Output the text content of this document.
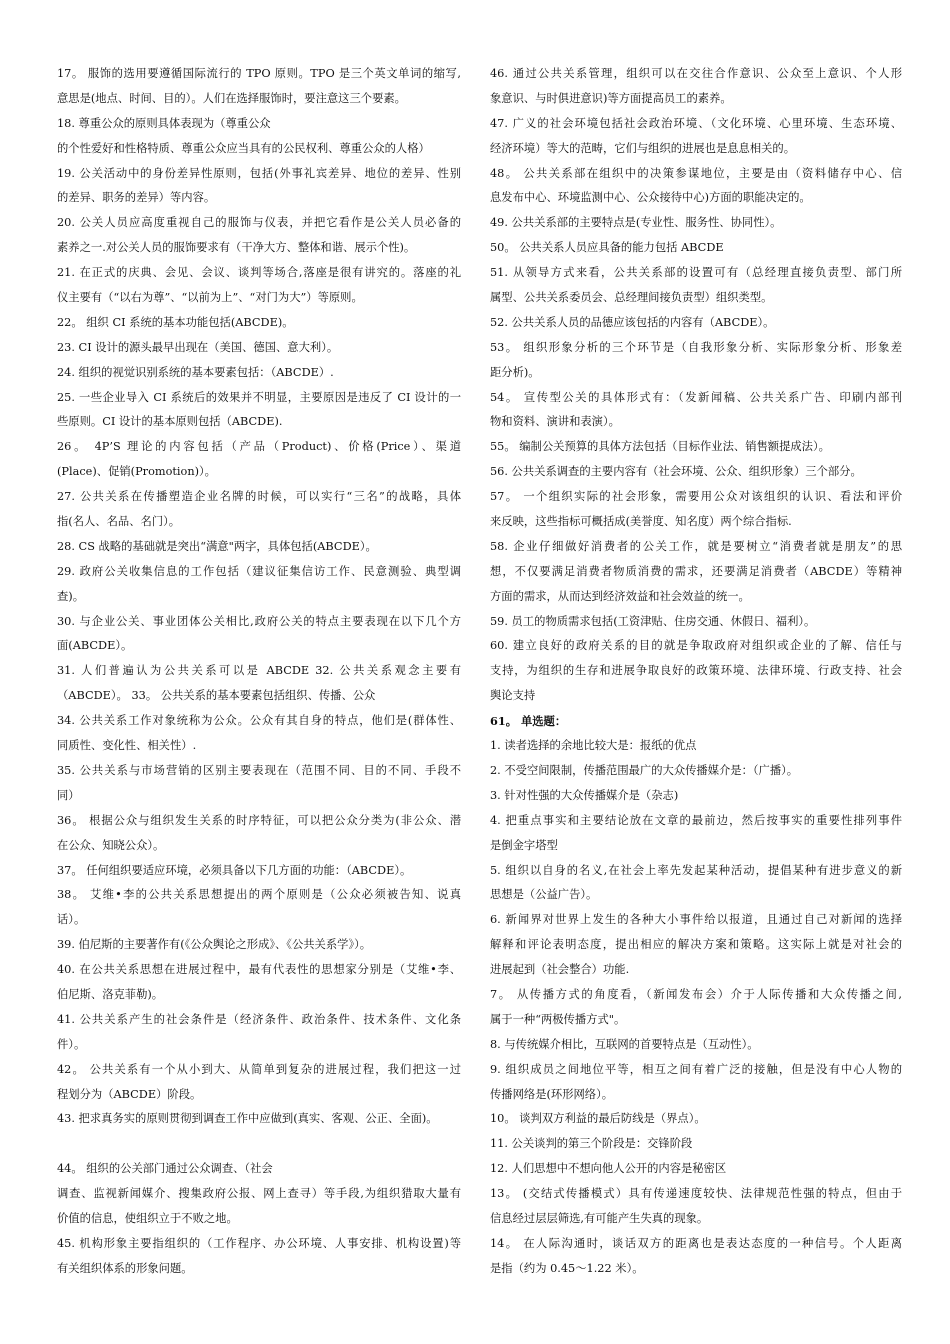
17。 服饰的选用要遵循国际流行的 TPO 原则。TPO 是三个英文单词的缩写,
意思是(地点、时间、目的）。人们在选择服饰时，要注意这三个要素。
18. 尊重公众的原则具体表现为（尊重公众
的个性爱好和性格特质、尊重公众应当具有的公民权利、尊重公众的人格）
19. 公关活动中的身份差异性原则，包括(外事礼宾差异、地位的差异、性别
的差异、职务的差异）等内容。
20. 公关人员应高度重视自己的服饰与仪表，并把它看作是公关人员必备的
素养之一.对公关人员的服饰要求有（干净大方、整体和谐、展示个性)。
21. 在正式的庆典、会见、会议、谈判等场合,落座是很有讲究的。落座的礼
仪主要有（“以右为尊”、“以前为上”、“对门为大”）等原则。
22。 组织 CI 系统的基本功能包括(ABCDE)。
23. CI 设计的源头最早出现在（美国、德国、意大利）。
24. 组织的视觉识别系统的基本要素包括：（ABCDE）.
25. 一些企业导入 CI 系统后的效果并不明显，主要原因是违反了 CI 设计的一
些原则。CI 设计的基本原则包括（ABCDE).
26。 4P’S 理论的内容包括（产品（Product)、价格(Price）、渠道
(Place)、促销(Promotion)）。
27. 公共关系在传播塑造企业名牌的时候，可以实行“三名”的战略，具体
指(名人、名品、名门）。
28. CS 战略的基础就是突出“满意"两字，具体包括(ABCDE）。
29. 政府公关收集信息的工作包括（建议征集信访工作、民意测验、典型调
查)。
30. 与企业公关、事业团体公关相比,政府公关的特点主要表现在以下几个方
面(ABCDE）。
31. 人们普遍认为公共关系可以是 ABCDE 32. 公共关系观念主要有
（ABCDE）。 33。 公共关系的基本要素包括组织、传播、公众
34. 公共关系工作对象统称为公众。公众有其自身的特点，他们是(群体性、
同质性、变化性、相关性）.
35. 公共关系与市场营销的区别主要表现在（范围不同、目的不同、手段不
同）
36。 根据公众与组织发生关系的时序特征，可以把公众分类为(非公众、潜
在公众、知晓公众）。
37。 任何组织要适应环境，必须具备以下几方面的功能：（ABCDE）。
38。 艾维•李的公共关系思想提出的两个原则是（公众必须被告知、说真
话）。
39. 伯尼斯的主要著作有(《公众舆论之形成》、《公共关系学》）。
40. 在公共关系思想在进展过程中，最有代表性的思想家分别是（艾维•李、
伯尼斯、洛克菲勒)。
41. 公共关系产生的社会条件是（经济条件、政治条件、技术条件、文化条
件）。
42。 公共关系有一个从小到大、从简单到复杂的进展过程，我们把这一过
程划分为（ABCDE）阶段。
43. 把求真务实的原则贯彻到调查工作中应做到(真实、客观、公正、全面)。
44。 组织的公关部门通过公众调查、（社会
调查、监视新闻媒介、搜集政府公报、网上查寻）等手段,为组织猎取大量有
价值的信息，使组织立于不败之地。
45. 机构形象主要指组织的（工作程序、办公环境、人事安排、机构设置)等
有关组织体系的形象问题。
46. 通过公共关系管理，组织可以在交往合作意识、公众至上意识、个人形
象意识、与时俱进意识)等方面提高员工的素养。
47. 广义的社会环境包括社会政治环境、（文化环境、心里环境、生态环境、
经济环境）等大的范畴，它们与组织的进展也是息息相关的。
48。 公共关系部在组织中的决策参谋地位，主要是由（资料储存中心、信
息发布中心、环境监测中心、公众接待中心)方面的职能决定的。
49. 公共关系部的主要特点是(专业性、服务性、协同性）。
50。 公共关系人员应具备的能力包括 ABCDE
51. 从领导方式来看，公共关系部的设置可有（总经理直接负责型、部门所
属型、公共关系委员会、总经理间接负责型）组织类型。
52. 公共关系人员的品德应该包括的内容有（ABCDE）。
53。 组织形象分析的三个环节是（自我形象分析、实际形象分析、形象差
距分析)。
54。 宣传型公关的具体形式有：（发新闻稿、公共关系广告、印刷内部刊
物和资料、演讲和表演）。
55。 编制公关预算的具体方法包括（目标作业法、销售额提成法）。
56. 公共关系调查的主要内容有（社会环境、公众、组织形象）三个部分。
57。 一个组织实际的社会形象，需要用公众对该组织的认识、看法和评价
来反映，这些指标可概括成(美誉度、知名度）两个综合指标.
58. 企业仔细做好消费者的公关工作，就是要树立“消费者就是朋友”的思
想，不仅要满足消费者物质消费的需求，还要满足消费者（ABCDE）等精神
方面的需求，从而达到经济效益和社会效益的统一。
59. 员工的物质需求包括(工资津贴、住房交通、休假日、福利）。
60. 建立良好的政府关系的目的就是争取政府对组织或企业的了解、信任与
支持，为组织的生存和进展争取良好的政策环境、法律环境、行政支持、社会
舆论支持
61。 单选题：
1. 读者选择的余地比较大是：报纸的优点
2. 不受空间限制，传播范围最广的大众传播媒介是：（广播）。
3. 针对性强的大众传播媒介是（杂志)
4. 把重点事实和主要结论放在文章的最前边，然后按事实的重要性排列事件
是倒金字塔型
5. 组织以自身的名义,在社会上率先发起某种活动，提倡某种有进步意义的新
思想是（公益广告）。
6. 新闻界对世界上发生的各种大小事件给以报道，且通过自己对新闻的选择
解释和评论表明态度，提出相应的解决方案和策略。这实际上就是对社会的
进展起到（社会整合）功能.
7。 从传播方式的角度看，（新闻发布会）介于人际传播和大众传播之间,
属于一种“两极传播方式"。
8. 与传统媒介相比，互联网的首要特点是（互动性）。
9. 组织成员之间地位平等，相互之间有着广泛的接触，但是没有中心人物的
传播网络是(环形网络）。
10。 谈判双方利益的最后防线是（界点）。
11. 公关谈判的第三个阶段是：交锋阶段
12. 人们思想中不想向他人公开的内容是秘密区
13。 (交结式传播模式）具有传递速度较快、法律规范性强的特点，但由于
信息经过层层筛选,有可能产生失真的现象。
14。 在人际沟通时，谈话双方的距离也是表达态度的一种信号。个人距离
是指（约为 0.45～1.22 米）。
